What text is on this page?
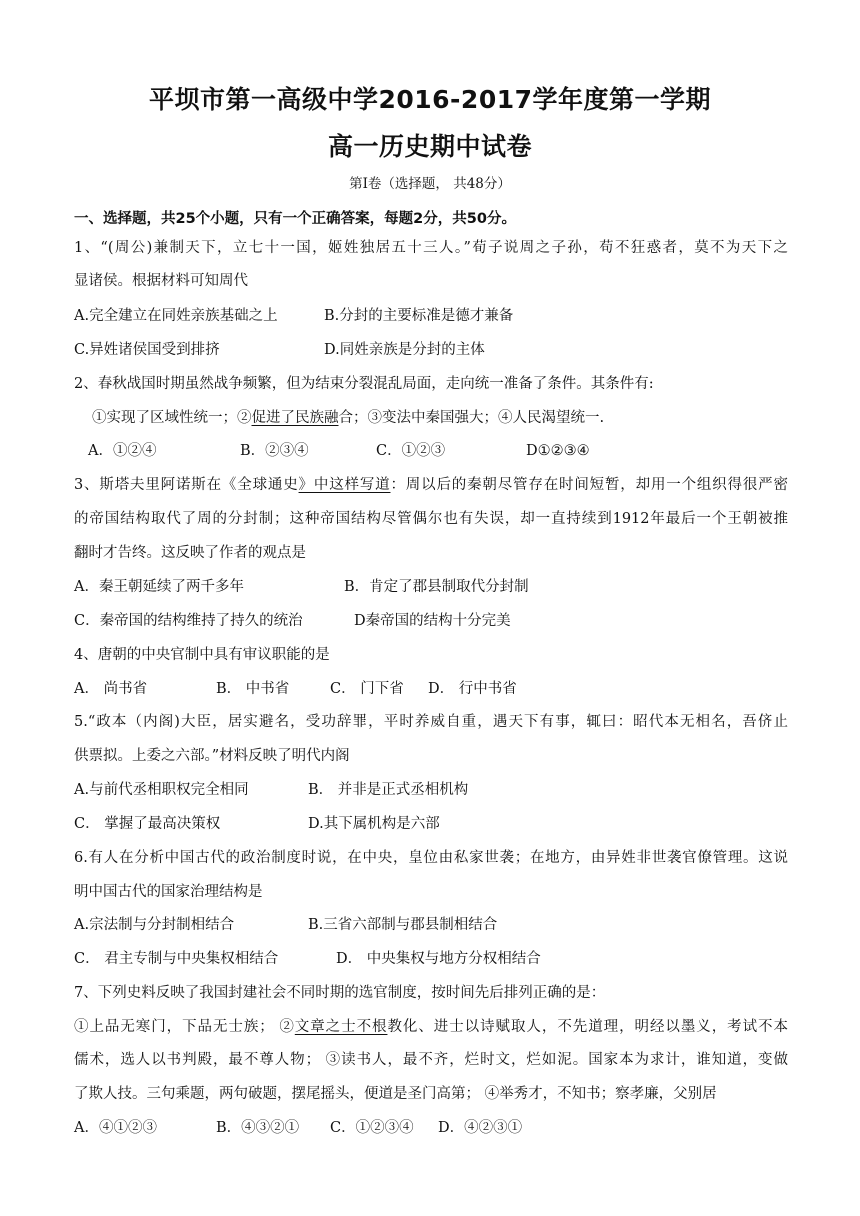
平坝市第一高级中学2016-2017学年度第一学期
高一历史期中试卷
第Ⅰ卷（选择题， 共48分）
一、选择题，共25个小题，只有一个正确答案，每题2分，共50分。
1、“(周公)兼制天下，立七十一国，姬姓独居五十三人。”荀子说周之子孙，苟不狂惑者，莫不为天下之
显诸侯。根据材料可知周代
A.完全建立在同姓亲族基础之上	B.分封的主要标准是德才兼备
C.异姓诸侯国受到排挤	D.同姓亲族是分封的主体
2、春秋战国时期虽然战争频繁，但为结束分裂混乱局面，走向统一准备了条件。其条件有:
①实现了区域性统一；②促进了民族融合；③变法中秦国强大；④人民渴望统一.
A．①②④	B．②③④	C．①②③	D①②③④
3、斯塔夫里阿诺斯在《全球通史》中这样写道：周以后的秦朝尽管存在时间短暂，却用一个组织得很严密
的帝国结构取代了周的分封制；这种帝国结构尽管偶尔也有失误，却一直持续到1912年最后一个王朝被推
翻时才告终。这反映了作者的观点是
A．秦王朝延续了两千多年	B．肯定了郡县制取代分封制
C．秦帝国的结构维持了持久的统治	D秦帝国的结构十分完美
4、唐朝的中央官制中具有审议职能的是
A． 尚书省	B． 中书省	C． 门下省 D． 行中书省
5.“政本（内阁)大臣，居实避名，受功辞罪，平时养威自重，遇天下有事，辄曰：昭代本无相名，吾侪止
供票拟。上委之六部。”材料反映了明代内阁
A.与前代丞相职权完全相同	B． 并非是正式丞相机构
C． 掌握了最高决策权	D.其下属机构是六部
6.有人在分析中国古代的政治制度时说，在中央，皇位由私家世袭；在地方，由异姓非世袭官僚管理。这说
明中国古代的国家治理结构是
A.宗法制与分封制相结合	B.三省六部制与郡县制相结合
C． 君主专制与中央集权相结合	D． 中央集权与地方分权相结合
7、下列史料反映了我国封建社会不同时期的选官制度，按时间先后排列正确的是：
①上品无寒门，下品无士族； ②文章之士不根教化、进士以诗赋取人，不先道理，明经以墨义，考试不本
儒术，选人以书判殿，最不尊人物； ③读书人，最不齐，烂时文，烂如泥。国家本为求计，谁知道，变做
了欺人技。三句乘题，两句破题，摆尾摇头，便道是圣门高第； ④举秀才，不知书；察孝廉，父别居
A．④①②③	B．④③②① C．①②③④ D．④②③①
